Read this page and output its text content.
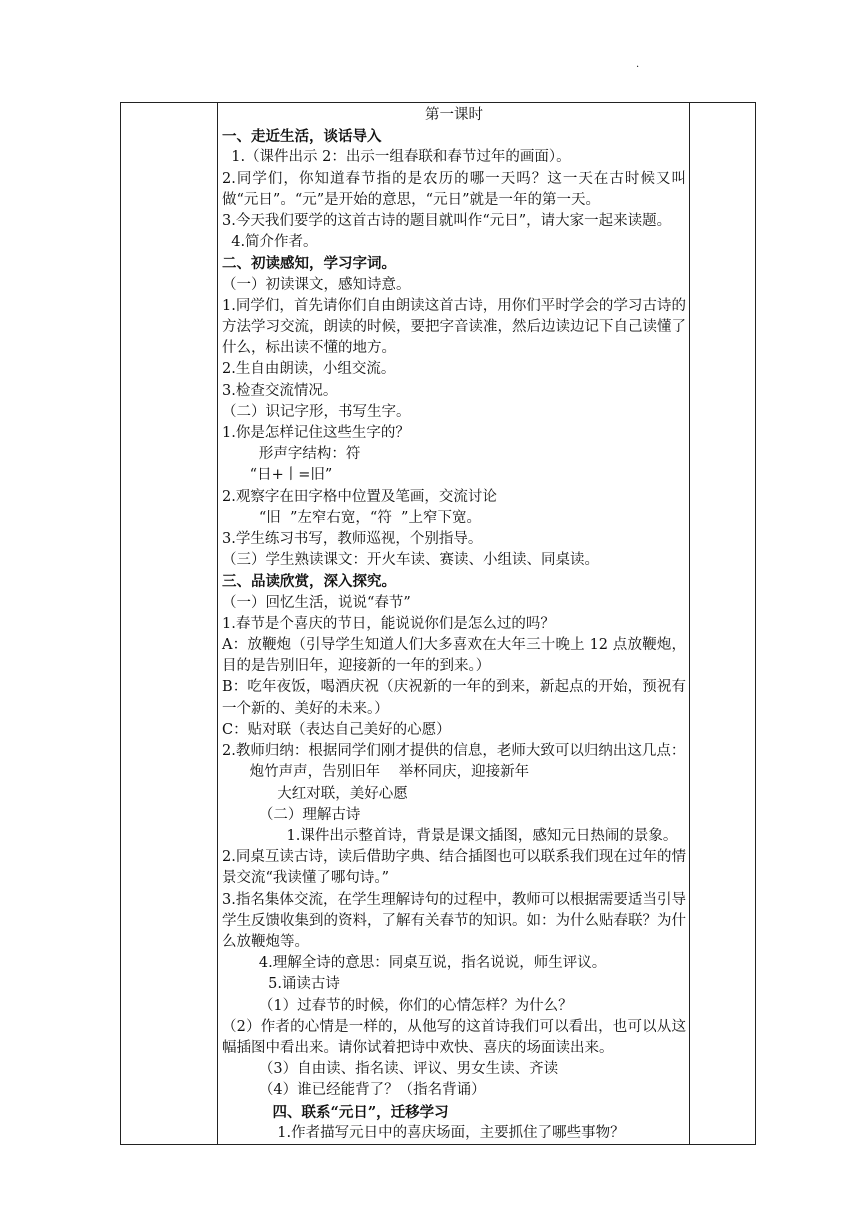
.

第一课时
一、走近生活，谈话导入
1.（课件出示 2：出示一组春联和春节过年的画面）。
2.同学们，你知道春节指的是农历的哪一天吗？这一天在古时候又叫做“元日”。“元”是开始的意思，“元日”就是一年的第一天。
3.今天我们要学的这首古诗的题目就叫作“元日”，请大家一起来读题。
4.简介作者。
二、初读感知，学习字词。
（一）初读课文，感知诗意。
1.同学们，首先请你们自由朗读这首古诗，用你们平时学会的学习古诗的方法学习交流，朗读的时候，要把字音读准，然后边读边记下自己读懂了什么，标出读不懂的地方。
2.生自由朗读，小组交流。
3.检查交流情况。
（二）识记字形，书写生字。
1.你是怎样记住这些生字的？
形声字结构：符
“日+丨=旧”
2.观察字在田字格中位置及笔画，交流讨论
“旧  ”左窄右宽，“符  ”上窄下宽。
3.学生练习书写，教师巡视，个别指导。
（三）学生熟读课文：开火车读、赛读、小组读、同桌读。
三、品读欣赏，深入探究。
（一）回忆生活，说说“春节”
1.春节是个喜庆的节日，能说说你们是怎么过的吗？
A：放鞭炮（引导学生知道人们大多喜欢在大年三十晚上 12 点放鞭炮，目的是告别旧年，迎接新的一年的到来。）
B：吃年夜饭，喝酒庆祝（庆祝新的一年的到来，新起点的开始，预祝有一个新的、美好的未来。）
C：贴对联（表达自己美好的心愿）
2.教师归纳：根据同学们刚才提供的信息，老师大致可以归纳出这几点：
炮竹声声，告别旧年    举杯同庆，迎接新年
大红对联，美好心愿
（二）理解古诗
1.课件出示整首诗，背景是课文插图，感知元日热闹的景象。
2.同桌互读古诗，读后借助字典、结合插图也可以联系我们现在过年的情景交流“我读懂了哪句诗。”
3.指名集体交流，在学生理解诗句的过程中，教师可以根据需要适当引导学生反馈收集到的资料，了解有关春节的知识。如：为什么贴春联？为什么放鞭炮等。
4.理解全诗的意思：同桌互说，指名说说，师生评议。
5.诵读古诗
（1）过春节的时候，你们的心情怎样？为什么？
（2）作者的心情是一样的，从他写的这首诗我们可以看出，也可以从这幅插图中看出来。请你试着把诗中欢快、喜庆的场面读出来。
（3）自由读、指名读、评议、男女生读、齐读
（4）谁已经能背了？（指名背诵）
四、联系“元日”，迁移学习
1.作者描写元日中的喜庆场面，主要抓住了哪些事物？
